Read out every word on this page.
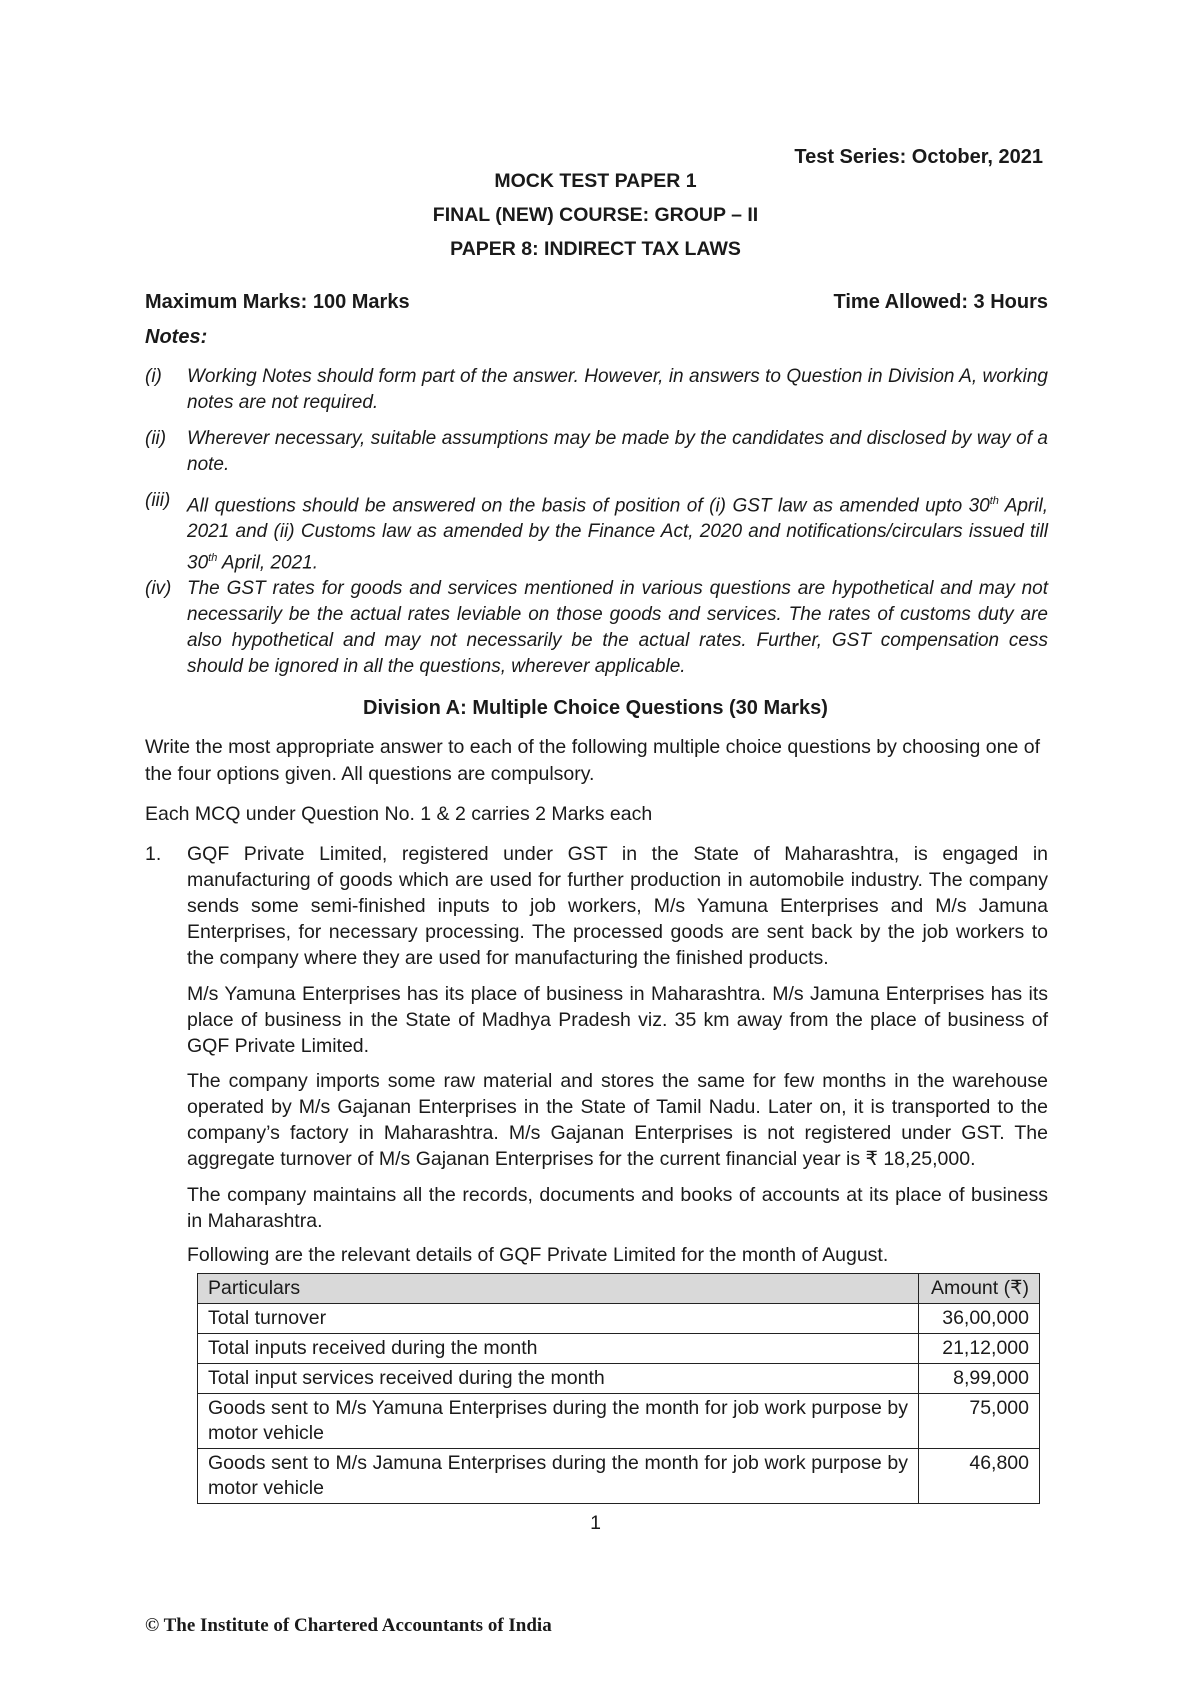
Test Series: October, 2021
MOCK TEST PAPER 1
FINAL (NEW) COURSE: GROUP – II
PAPER 8: INDIRECT TAX LAWS
Maximum Marks: 100 Marks	Time Allowed: 3 Hours
Notes:
(i)	Working Notes should form part of the answer. However, in answers to Question in Division A, working notes are not required.
(ii)	Wherever necessary, suitable assumptions may be made by the candidates and disclosed by way of a note.
(iii) All questions should be answered on the basis of position of (i) GST law as amended upto 30th April, 2021 and (ii) Customs law as amended by the Finance Act, 2020 and notifications/circulars issued till 30th April, 2021.
(iv) The GST rates for goods and services mentioned in various questions are hypothetical and may not necessarily be the actual rates leviable on those goods and services. The rates of customs duty are also hypothetical and may not necessarily be the actual rates. Further, GST compensation cess should be ignored in all the questions, wherever applicable.
Division A: Multiple Choice Questions (30 Marks)
Write the most appropriate answer to each of the following multiple choice questions by choosing one of the four options given. All questions are compulsory.
Each MCQ under Question No. 1 & 2 carries 2 Marks each
1.	GQF Private Limited, registered under GST in the State of Maharashtra, is engaged in manufacturing of goods which are used for further production in automobile industry. The company sends some semi-finished inputs to job workers, M/s Yamuna Enterprises and M/s Jamuna Enterprises, for necessary processing. The processed goods are sent back by the job workers to the company where they are used for manufacturing the finished products.
M/s Yamuna Enterprises has its place of business in Maharashtra. M/s Jamuna Enterprises has its place of business in the State of Madhya Pradesh viz. 35 km away from the place of business of GQF Private Limited.
The company imports some raw material and stores the same for few months in the warehouse operated by M/s Gajanan Enterprises in the State of Tamil Nadu. Later on, it is transported to the company’s factory in Maharashtra. M/s Gajanan Enterprises is not registered under GST. The aggregate turnover of M/s Gajanan Enterprises for the current financial year is ₹ 18,25,000.
The company maintains all the records, documents and books of accounts at its place of business in Maharashtra.
Following are the relevant details of GQF Private Limited for the month of August.
Particulars	Amount (₹)
Total turnover	36,00,000
Total inputs received during the month	21,12,000
Total input services received during the month	8,99,000
Goods sent to M/s Yamuna Enterprises during the month for job work purpose by motor vehicle	75,000
Goods sent to M/s Jamuna Enterprises during the month for job work purpose by motor vehicle	46,800
1
© The Institute of Chartered Accountants of India
